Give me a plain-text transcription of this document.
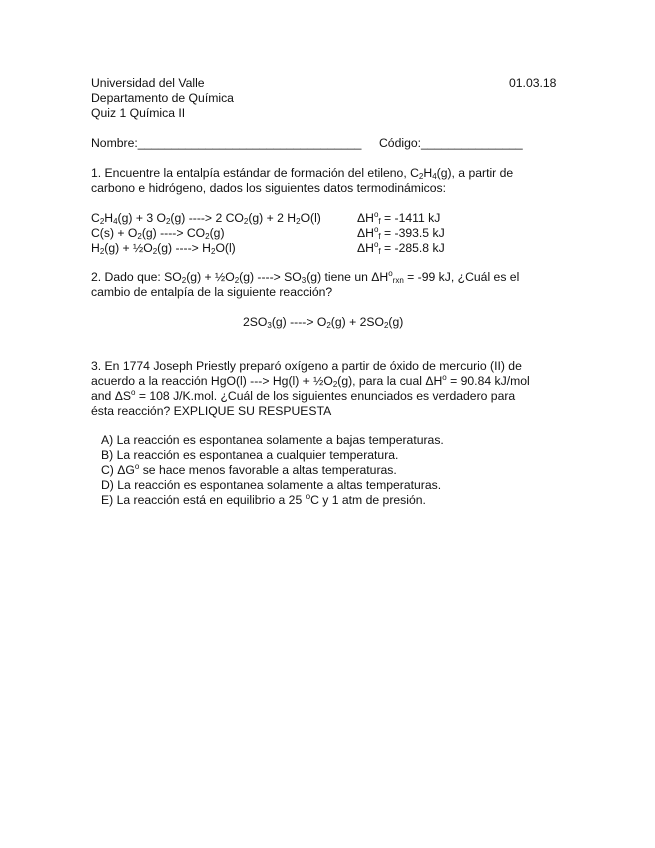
Universidad del Valle
Departamento de Química
Quiz 1 Química II
01.03.18
Nombre:_________________________________ Código:_______________
1. Encuentre la entalpía estándar de formación del etileno, $C_2H_4(g)$, a partir de
carbono e hidrógeno, dados los siguientes datos termodinámicos:
$C_2H_4(g) + 3$ $O_2(g)$ ----> 2 $CO_2(g) + 2$ $H_2O(l)$	$\Delta H^o_f = -1411$ kJ
$C(s) + O_2(g)$ ----> $CO_2(g)$	$\Delta H^o_f = -393.5$ kJ
$H_2(g)$ + $\frac{1}{2}O_2(g)$ ----> $H_2O(l)$	$\Delta H^o_f = -285.8$ kJ
2. Dado que: $SO_2(g)$ + $\frac{1}{2}O_2(g)$ ----> $SO_3(g)$ tiene un $\Delta H^o_{rxn} = -99$ kJ, ¿Cuál es el
cambio de entalpía de la siguiente reacción?
$2SO_3(g)$ ----> $O_2(g) + 2SO_2(g)$
3. En 1774 Joseph Priestly preparó oxígeno a partir de óxido de mercurio (II) de
acuerdo a la reacción HgO(l) ---> $Hg(l) + \frac{1}{2}O_2(g)$, para la cual $\Delta H^o = 90.84$ kJ/mol
and $\Delta S^o = 108$ J/K.mol. ¿Cuál de los siguientes enunciados es verdadero para
ésta reacción? EXPLIQUE SU RESPUESTA
A) La reacción es espontanea solamente a bajas temperaturas.
B) La reacción es espontanea a cualquier temperatura.
C) $\Delta G^o$ se hace menos favorable a altas temperaturas.
D) La reacción es espontanea solamente a altas temperaturas.
E) La reacción está en equilibrio a 25 $^o$C y 1 atm de presión.
